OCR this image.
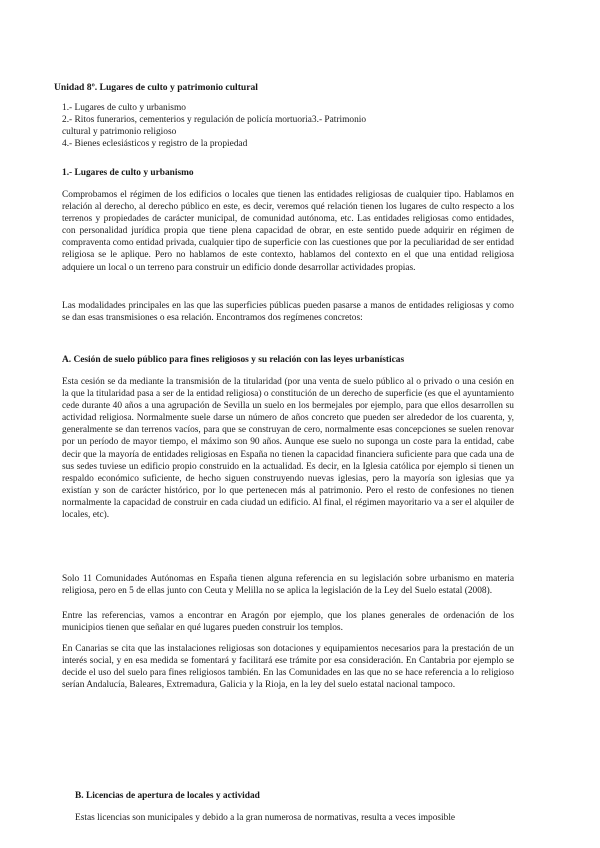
Unidad 8º. Lugares de culto y patrimonio cultural
1.- Lugares de culto y urbanismo
2.- Ritos funerarios, cementerios y regulación de policía mortuoria3.- Patrimonio
cultural y patrimonio religioso
4.- Bienes eclesiásticos y registro de la propiedad
1.- Lugares de culto y urbanismo

Comprobamos el régimen de los edificios o locales que tienen las entidades religiosas de cualquier tipo. Hablamos en relación al derecho, al derecho público en este, es decir, veremos qué relación tienen los lugares de culto respecto a los terrenos y propiedades de carácter municipal, de comunidad autónoma, etc. Las entidades religiosas como entidades, con personalidad jurídica propia que tiene plena capacidad de obrar, en este sentido puede adquirir en régimen de compraventa como entidad privada, cualquier tipo de superficie con las cuestiones que por la peculiaridad de ser entidad religiosa se le aplique. Pero no hablamos de este contexto, hablamos del contexto en el que una entidad religiosa adquiere un local o un terreno para construir un edificio donde desarrollar actividades propias.

Las modalidades principales en las que las superficies públicas pueden pasarse a manos de entidades religiosas y como se dan esas transmisiones o esa relación. Encontramos dos regímenes concretos:

A. Cesión de suelo público para fines religiosos y su relación con las leyes urbanísticas

Esta cesión se da mediante la transmisión de la titularidad (por una venta de suelo público al o privado o una cesión en la que la titularidad pasa a ser de la entidad religiosa) o constitución de un derecho de superficie (es que el ayuntamiento cede durante 40 años a una agrupación de Sevilla un suelo en los bermejales por ejemplo, para que ellos desarrollen su actividad religiosa. Normalmente suele darse un número de años concreto que pueden ser alrededor de los cuarenta, y, generalmente se dan terrenos vacíos, para que se construyan de cero, normalmente esas concepciones se suelen renovar por un período de mayor tiempo, el máximo son 90 años. Aunque ese suelo no suponga un coste para la entidad, cabe decir que la mayoría de entidades religiosas en España no tienen la capacidad financiera suficiente para que cada una de sus sedes tuviese un edificio propio construido en la actualidad. Es decir, en la Iglesia católica por ejemplo si tienen un respaldo económico suficiente, de hecho siguen construyendo nuevas iglesias, pero la mayoría son iglesias que ya existían y son de carácter histórico, por lo que pertenecen más al patrimonio. Pero el resto de confesiones no tienen normalmente la capacidad de construir en cada ciudad un edificio. Al final, el régimen mayoritario va a ser el alquiler de locales, etc).

Solo 11 Comunidades Autónomas en España tienen alguna referencia en su legislación sobre urbanismo en materia religiosa, pero en 5 de ellas junto con Ceuta y Melilla no se aplica la legislación de la Ley del Suelo estatal (2008).

Entre las referencias, vamos a encontrar en Aragón por ejemplo, que los planes generales de ordenación de los municipios tienen que señalar en qué lugares pueden construir los templos.

En Canarias se cita que las instalaciones religiosas son dotaciones y equipamientos necesarios para la prestación de un interés social, y en esa medida se fomentará y facilitará ese trámite por esa consideración. En Cantabria por ejemplo se decide el uso del suelo para fines religiosos también. En las Comunidades en las que no se hace referencia a lo religioso serían Andalucía, Baleares, Extremadura, Galicia y la Rioja, en la ley del suelo estatal nacional tampoco.

B. Licencias de apertura de locales y actividad
Estas licencias son municipales y debido a la gran numerosa de normativas, resulta a veces imposible
